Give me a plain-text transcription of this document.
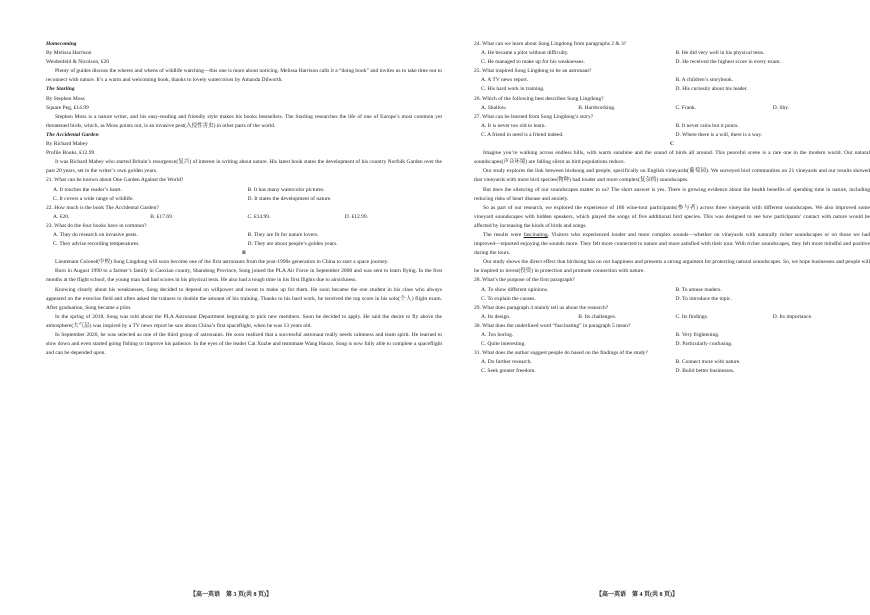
Homecoming

By Melissa Harrison

Weidenfeld & Nicolson, ₤20

Plenty of guides discuss the wheres and whens of wildlife watching—this one is more about noticing. Melissa Harrison calls it a “doing book” and invites us to take time out to reconnect with nature. It’s a warm and welcoming book, thanks to lovely watercolors by Amanda Dilworth.

The Starling

By Stephen Moss

Square Peg, ₤14.99

Stephen Moss is a nature writer, and his easy-reading and friendly style makes his books bestsellers. The Starling researches the life of one of Europe’s most common yet threatened birds, which, as Moss points out, is an invasive pest(入侵性害虫) in other parts of the world.

The Accidental Garden

By Richard Mabey

Profile Books, ₤12.99

It was Richard Mabey who started Britain’s resurgence(复兴) of interest in writing about nature. His latest book states the development of his country Norfolk Garden over the past 20 years, set in the writer’s own golden years.

21. What can be known about One Garden Against the World?

A. It touches the reader’s heart.	B. It has many watercolor pictures.
C. It covers a wide range of wildlife.	D. It states the development of nature.

22. How much is the book The Accidental Garden?

A. ₤20.	B. ₤17.69.	C. ₤14.99.	D. ₤12.99.

23. What do the four books have in common?

A. They do research on invasive pests.	B. They are fit for nature lovers.
C. They advise recording temperatures.	D. They are about people’s golden years.

B

Lieutenant Colonel(中校) Song Lingdong will soon become one of the first astronauts from the post-1990s generation in China to start a space journey.

Born in August 1990 to a farmer’s family in Caoxian county, Shandong Province, Song joined the PLA Air Force in September 2008 and was sent to learn flying. In the first months at the flight school, the young man had bad scores in his physical tests. He also had a tough time in his first flights due to airsickness.

Knowing clearly about his weaknesses, Song decided to depend on willpower and sweat to make up for them. He soon became the one student in his class who always appeared on the exercise field and often asked the trainers to double the amount of his training. Thanks to his hard work, he received the top score in his solo(个人) flight exam. After graduation, Song became a pilot.

In the spring of 2018, Song was told about the PLA Astronaut Department beginning to pick new members. Soon he decided to apply. He said the desire to fly above the atmosphere(大气层) was inspired by a TV news report he saw about China’s first spaceflight, when he was 13 years old.

In September 2020, he was selected as one of the third group of astronauts. He soon realized that a successful astronaut really needs calmness and team spirit. He learned to slow down and even started going fishing to improve his patience. In the eyes of the leader Cai Xuzhe and teammate Wang Haoze, Song is now fully able to complete a spaceflight and can be depended upon.

【高一英语　第 3 页(共 8 页)】

24. What can we learn about Song Lingdong from paragraphs 2 & 3?

A. He became a pilot without difficulty.	B. He did very well in his physical tests.
C. He managed to make up for his weaknesses.	D. He received the highest score in every exam.

25. What inspired Song Lingdong to be an astronaut?

A. A TV news report.	B. A children’s storybook.
C. His hard work in training.	D. His curiosity about his leader.

26. Which of the following best describes Song Lingdong?

A. Shallow.	B. Hardworking.	C. Frank.	D. Shy.

27. What can be learned from Song Lingdong’s story?

A. It is never too old to learn.	B. It never rains but it pours.
C. A friend in need is a friend indeed.	D. Where there is a will, there is a way.

C

Imagine you’re walking across endless hills, with warm sunshine and the sound of birds all around. This peaceful scene is a rare one in the modern world. Our natural soundscapes(声音环境) are falling silent as bird populations reduce.

Our study explores the link between birdsong and people, specifically on English vineyards(葡萄园). We surveyed bird communities on 21 vineyards and our results showed that vineyards with more bird species(物种) had louder and more complex(复杂的) soundscapes.

But does the silencing of our soundscapes matter to us? The short answer is yes. There is growing evidence about the health benefits of spending time in nature, including reducing risks of heart disease and anxiety.

So as part of our research, we explored the experience of 186 wine-tour participants(参与者) across three vineyards with different soundscapes. We also improved some vineyard soundscapes with hidden speakers, which played the songs of five additional bird species. This was designed to see how participants’ contact with nature would be affected by increasing the kinds of birds and songs.

The results were fascinating. Visitors who experienced louder and more complex sounds—whether on vineyards with naturally richer soundscapes or on those we had improved—reported enjoying the sounds more. They felt more connected to nature and more satisfied with their tour. With richer soundscapes, they felt more mindful and positive during the tours.

Our study shows the direct effect that birdsong has on our happiness and presents a strong argument for protecting natural soundscapes. So, we hope businesses and people will be inspired to invest(投资) in protection and promote connection with nature.

28. What’s the purpose of the first paragraph?

A. To show different opinions.	B. To amuse readers.
C. To explain the causes.	D. To introduce the topic.

29. What does paragraph 4 mainly tell us about the research?

A. Its design.	B. Its challenges.	C. Its findings.	D. Its importance.

30. What does the underlined word “fascinating” in paragraph 5 mean?

A. Too boring.	B. Very frightening.
C. Quite interesting.	D. Particularly confusing.

31. What does the author suggest people do based on the findings of the study?

A. Do further research.	B. Connect more with nature.
C. Seek greater freedom.	D. Build better businesses.
【高一英语　第 4 页(共 8 页)】
